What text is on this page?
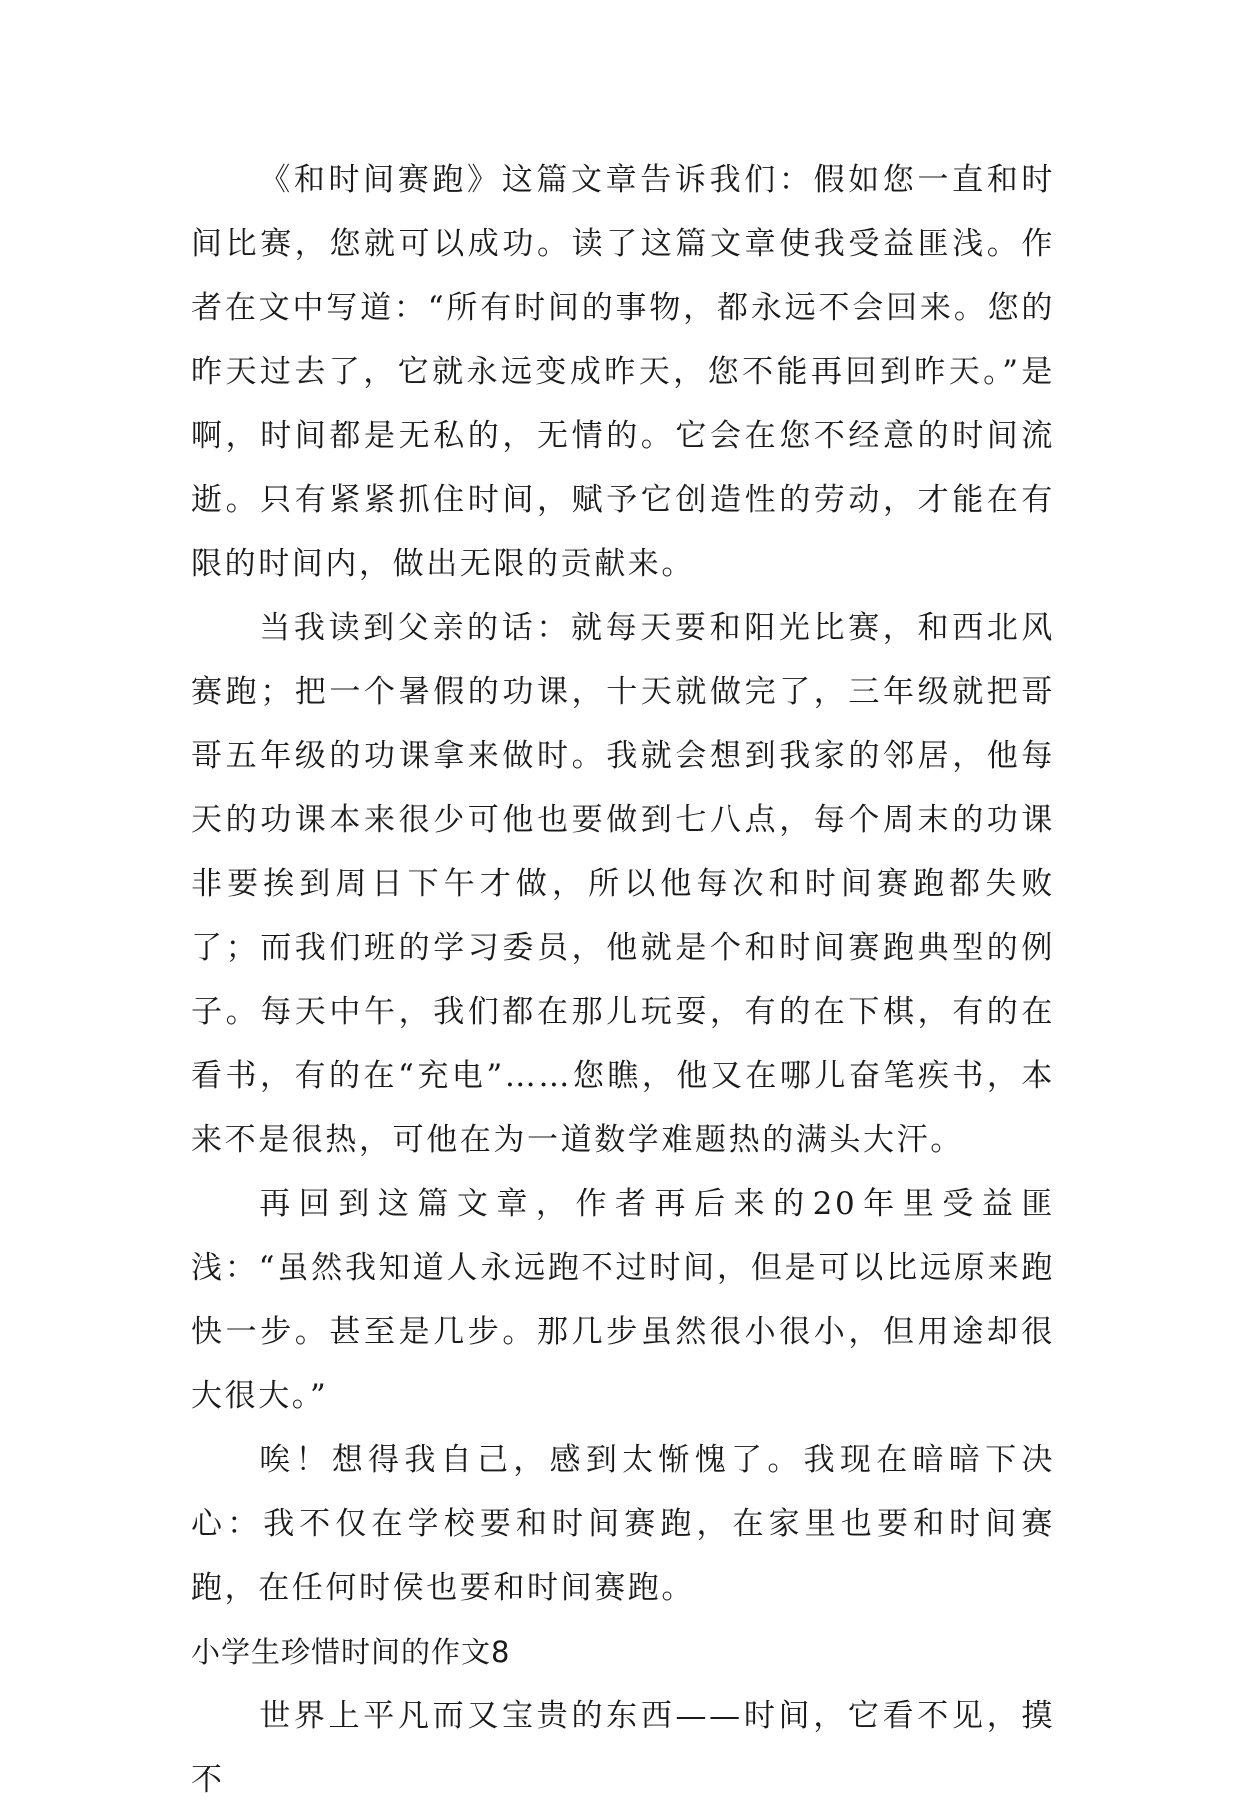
《和时间赛跑》这篇文章告诉我们：假如您一直和时间比赛，您就可以成功。读了这篇文章使我受益匪浅。作者在文中写道：“所有时间的事物，都永远不会回来。您的昨天过去了，它就永远变成昨天，您不能再回到昨天。”是啊，时间都是无私的，无情的。它会在您不经意的时间流逝。只有紧紧抓住时间，赋予它创造性的劳动，才能在有限的时间内，做出无限的贡献来。

当我读到父亲的话：就每天要和阳光比赛，和西北风赛跑；把一个暑假的功课，十天就做完了，三年级就把哥哥五年级的功课拿来做时。我就会想到我家的邻居，他每天的功课本来很少可他也要做到七八点，每个周末的功课非要挨到周日下午才做，所以他每次和时间赛跑都失败了；而我们班的学习委员，他就是个和时间赛跑典型的例子。每天中午，我们都在那儿玩耍，有的在下棋，有的在看书，有的在“充电”……您瞧，他又在哪儿奋笔疾书，本来不是很热，可他在为一道数学难题热的满头大汗。

再回到这篇文章，作者再后来的20年里受益匪浅：“虽然我知道人永远跑不过时间，但是可以比远原来跑快一步。甚至是几步。那几步虽然很小很小，但用途却很大很大。”

唉！想得我自己，感到太惭愧了。我现在暗暗下决心：我不仅在学校要和时间赛跑，在家里也要和时间赛跑，在任何时侯也要和时间赛跑。

小学生珍惜时间的作文8

世界上平凡而又宝贵的东西——时间，它看不见，摸不
